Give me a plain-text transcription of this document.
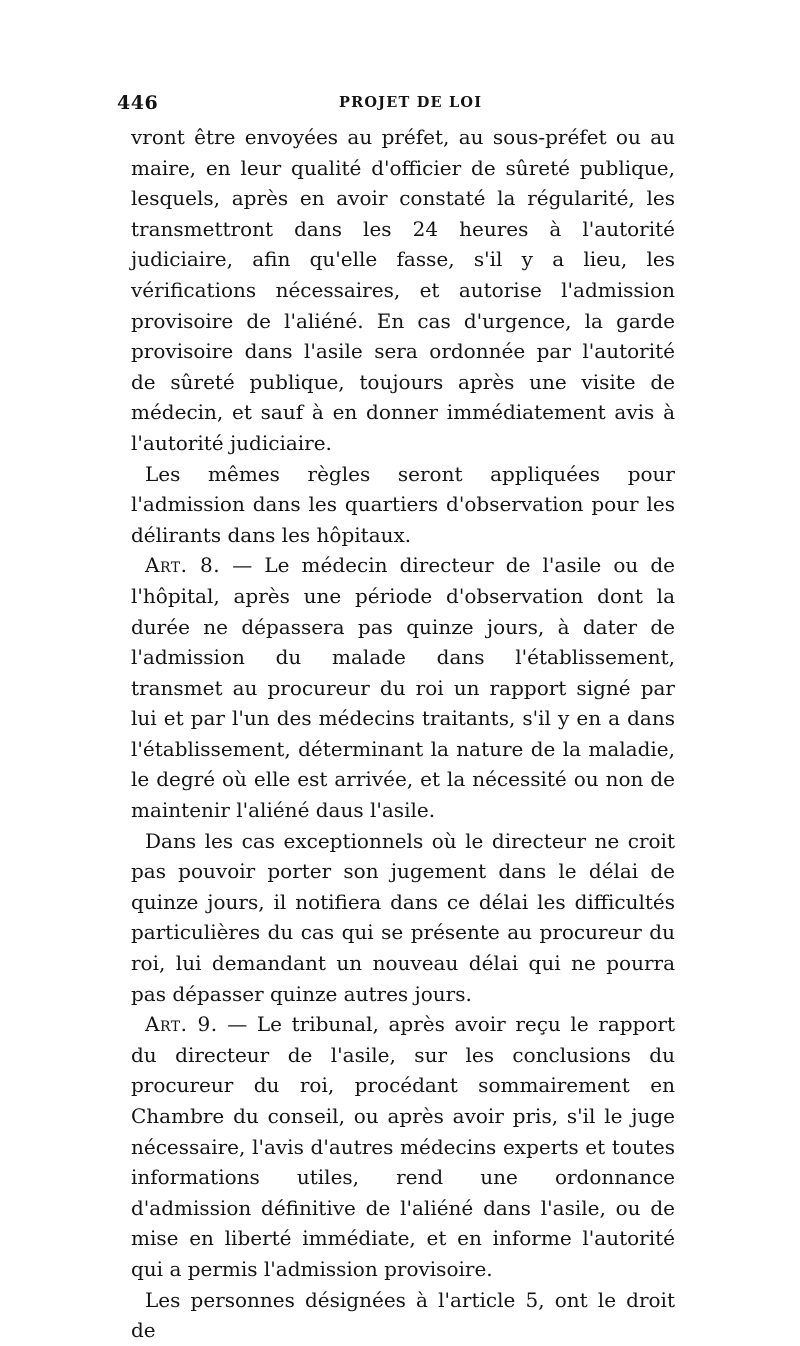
446	PROJET DE LOI

vront être envoyées au préfet, au sous-préfet ou au maire, en leur qualité d'officier de sûreté publique, lesquels, après en avoir constaté la régularité, les transmettront dans les 24 heures à l'autorité judiciaire, afin qu'elle fasse, s'il y a lieu, les vérifications nécessaires, et autorise l'admission provisoire de l'aliéné. En cas d'urgence, la garde provisoire dans l'asile sera ordonnée par l'autorité de sûreté publique, toujours après une visite de médecin, et sauf à en donner immédiatement avis à l'autorité judiciaire.

Les mêmes règles seront appliquées pour l'admission dans les quartiers d'observation pour les délirants dans les hôpitaux.

Art. 8. — Le médecin directeur de l'asile ou de l'hôpital, après une période d'observation dont la durée ne dépassera pas quinze jours, à dater de l'admission du malade dans l'établissement, transmet au procureur du roi un rapport signé par lui et par l'un des médecins traitants, s'il y en a dans l'établissement, déterminant la nature de la maladie, le degré où elle est arrivée, et la nécessité ou non de maintenir l'aliéné daus l'asile.

Dans les cas exceptionnels où le directeur ne croit pas pouvoir porter son jugement dans le délai de quinze jours, il notifiera dans ce délai les difficultés particulières du cas qui se présente au procureur du roi, lui demandant un nouveau délai qui ne pourra pas dépasser quinze autres jours.

Art. 9. — Le tribunal, après avoir reçu le rapport du directeur de l'asile, sur les conclusions du procureur du roi, procédant sommairement en Chambre du conseil, ou après avoir pris, s'il le juge nécessaire, l'avis d'autres médecins experts et toutes informations utiles, rend une ordonnance d'admission définitive de l'aliéné dans l'asile, ou de mise en liberté immédiate, et en informe l'autorité qui a permis l'admission provisoire.

Les personnes désignées à l'article 5, ont le droit de
